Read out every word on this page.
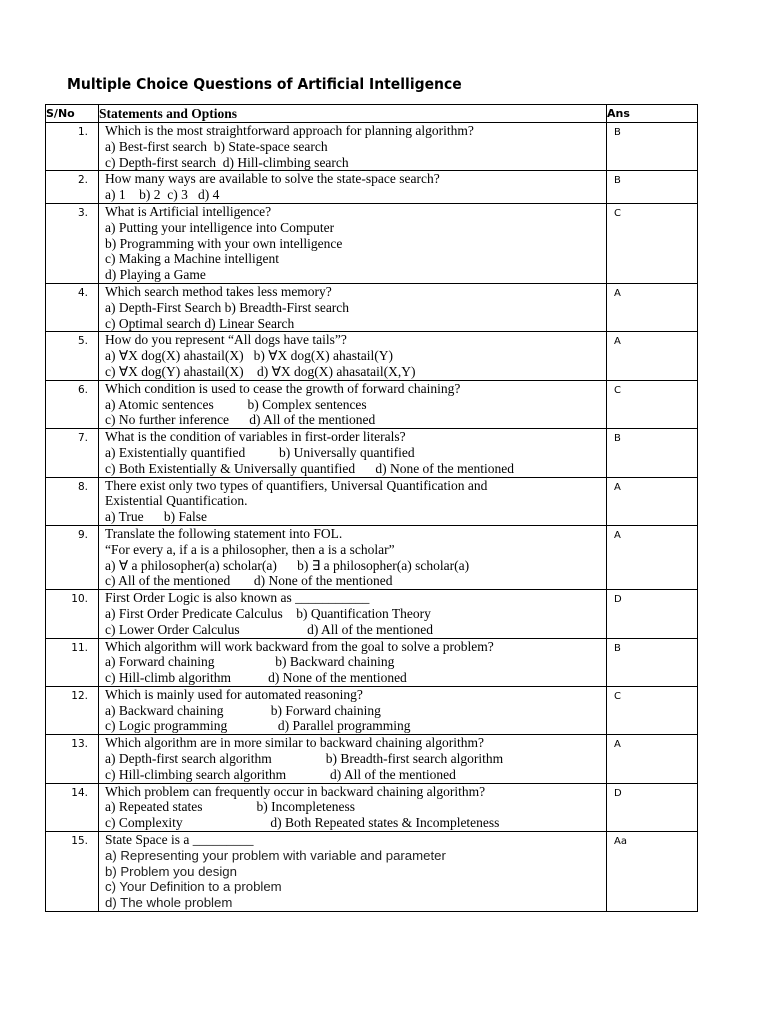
Multiple Choice Questions of Artificial Intelligence
S/No	Statements and Options	Ans
1.	Which is the most straightforward approach for planning algorithm?
a) Best-first search  b) State-space search
c) Depth-first search  d) Hill-climbing search	B
2.	How many ways are available to solve the state-space search?
a) 1    b) 2  c) 3   d) 4	B
3.	What is Artificial intelligence?
a) Putting your intelligence into Computer
b) Programming with your own intelligence
c) Making a Machine intelligent
d) Playing a Game	C
4.	Which search method takes less memory?
a) Depth-First Search b) Breadth-First search
c) Optimal search d) Linear Search	A
5.	How do you represent “All dogs have tails”?
a) ∀X dog(X) ahastail(X)   b) ∀X dog(X) ahastail(Y)
c) ∀X dog(Y) ahastail(X)    d) ∀X dog(X) ahasatail(X,Y)	A
6.	Which condition is used to cease the growth of forward chaining?
a) Atomic sentences          b) Complex sentences
c) No further inference      d) All of the mentioned	C
7.	What is the condition of variables in first-order literals?
a) Existentially quantified          b) Universally quantified
c) Both Existentially & Universally quantified      d) None of the mentioned	B
8.	There exist only two types of quantifiers, Universal Quantification and
Existential Quantification.
a) True      b) False	A
9.	Translate the following statement into FOL.
“For every a, if a is a philosopher, then a is a scholar”
a) ∀ a philosopher(a) scholar(a)      b) ∃ a philosopher(a) scholar(a)
c) All of the mentioned       d) None of the mentioned	A
10.	First Order Logic is also known as ___________
a) First Order Predicate Calculus    b) Quantification Theory
c) Lower Order Calculus                    d) All of the mentioned	D
11.	Which algorithm will work backward from the goal to solve a problem?
a) Forward chaining                  b) Backward chaining
c) Hill-climb algorithm           d) None of the mentioned	B
12.	Which is mainly used for automated reasoning?
a) Backward chaining              b) Forward chaining
c) Logic programming               d) Parallel programming	C
13.	Which algorithm are in more similar to backward chaining algorithm?
a) Depth-first search algorithm                b) Breadth-first search algorithm
c) Hill-climbing search algorithm             d) All of the mentioned	A
14.	Which problem can frequently occur in backward chaining algorithm?
a) Repeated states                b) Incompleteness
c) Complexity                          d) Both Repeated states & Incompleteness	D
15.	State Space is a _________
a) Representing your problem with variable and parameter
b) Problem you design
c) Your Definition to a problem
d) The whole problem	Aa
